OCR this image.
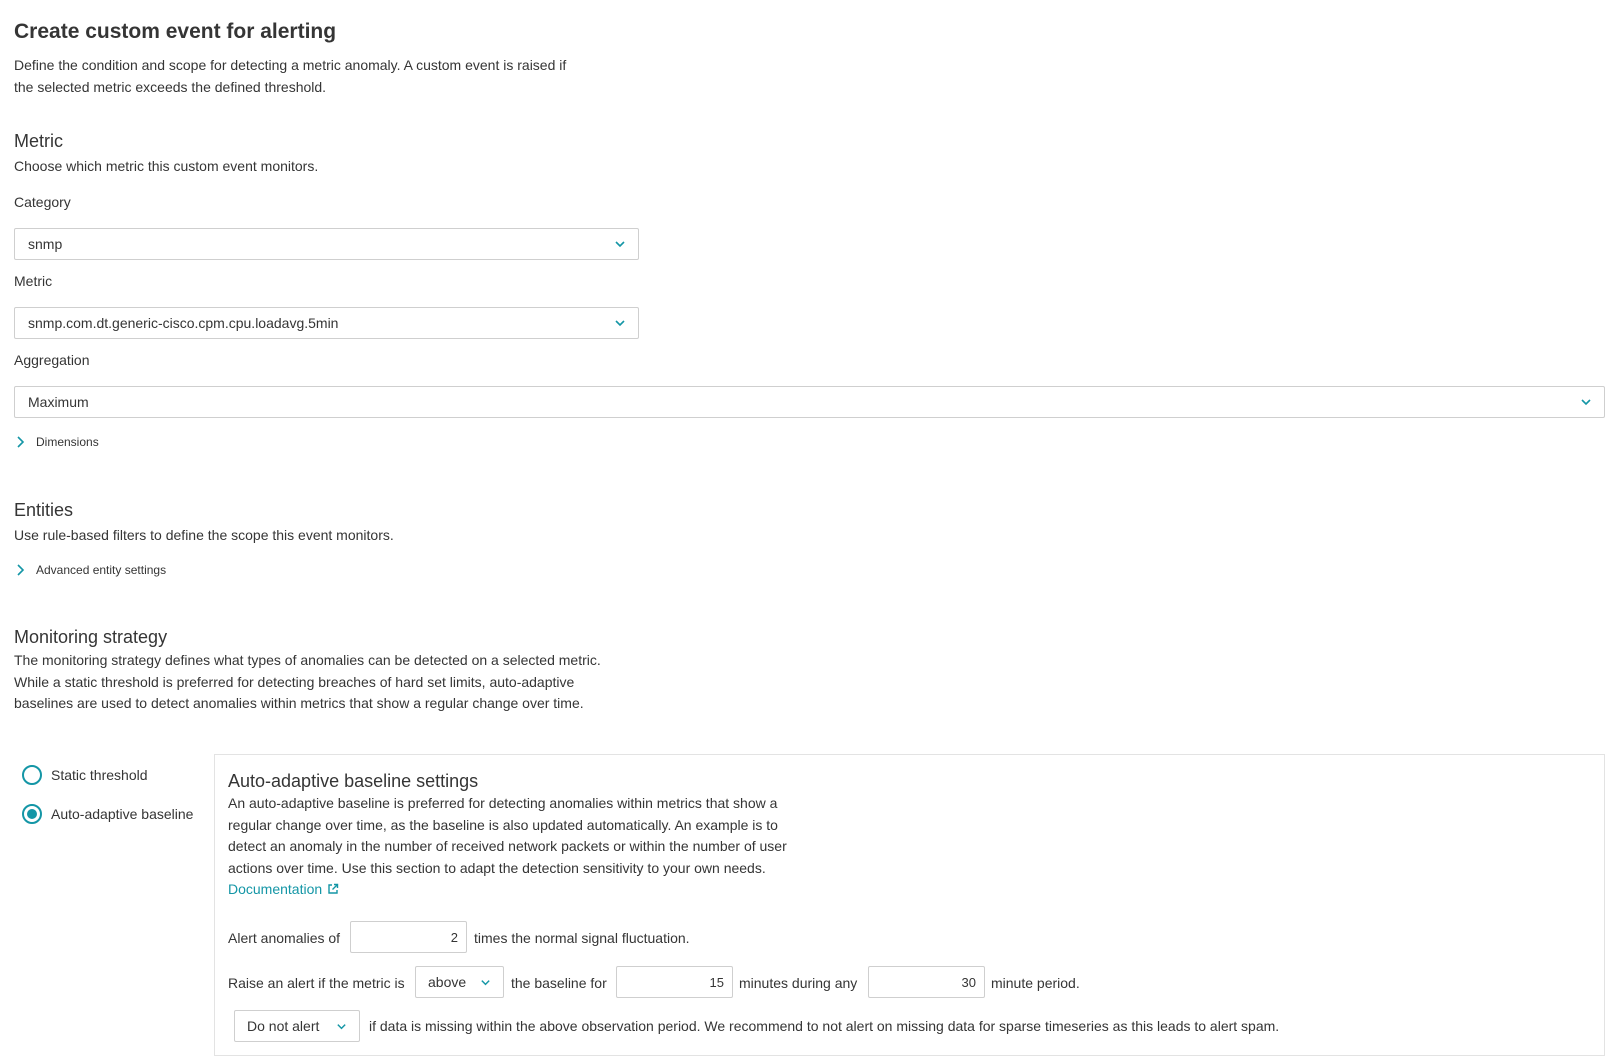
Create custom event for alerting

Define the condition and scope for detecting a metric anomaly. A custom event is raised if the selected metric exceeds the defined threshold.

Metric

Choose which metric this custom event monitors.

Category
snmp
Metric
snmp.com.dt.generic-cisco.cpm.cpu.loadavg.5min
Aggregation
Maximum
Dimensions
Entities

Use rule-based filters to define the scope this event monitors.

Advanced entity settings
Monitoring strategy

The monitoring strategy defines what types of anomalies can be detected on a selected metric. While a static threshold is preferred for detecting breaches of hard set limits, auto-adaptive baselines are used to detect anomalies within metrics that show a regular change over time.

Static threshold
Auto-adaptive baseline
Auto-adaptive baseline settings

An auto-adaptive baseline is preferred for detecting anomalies within metrics that show a regular change over time, as the baseline is also updated automatically. An example is to detect an anomaly in the number of received network packets or within the number of user actions over time. Use this section to adapt the detection sensitivity to your own needs.

Documentation
Alert anomalies of
2	times the normal signal fluctuation.
Raise an alert if the metric is above	the baseline for
15	minutes during any
30	minute period.
Do not alert	if data is missing within the above observation period. We recommend to not alert on missing data for sparse timeseries as this leads to alert spam.
